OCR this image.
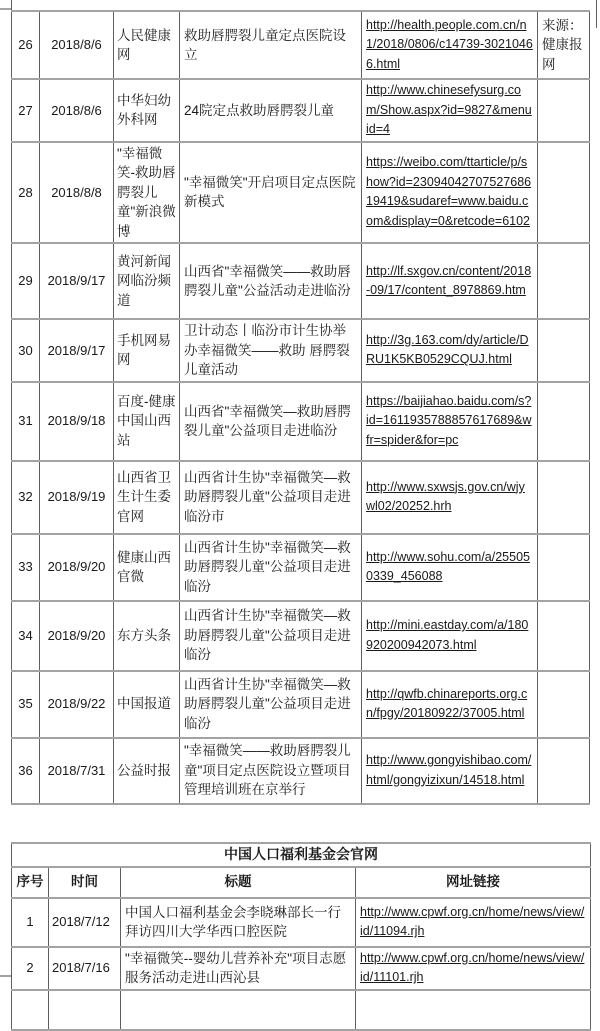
26	2018/8/6	人民健康网	救助唇腭裂儿童定点医院设立	http://health.people.com.cn/n1/2018/0806/c14739-30210466.html	来源：健康报网
27	2018/8/6	中华妇幼外科网	24院定点救助唇腭裂儿童	http://www.chinesefysurg.com/Show.aspx?id=9827&menuid=4	
28	2018/8/8	"幸福微笑-救助唇腭裂儿童"新浪微博	"幸福微笑"开启项目定点医院新模式	https://weibo.com/ttarticle/p/show?id=2309404270752768619419&sudaref=www.baidu.com&display=0&retcode=6102	
29	2018/9/17	黄河新闻网临汾频道	山西省"幸福微笑——救助唇腭裂儿童"公益活动走进临汾	http://lf.sxgov.cn/content/2018-09/17/content_8978869.htm	
30	2018/9/17	手机网易网	卫计动态丨临汾市计生协举办幸福微笑——救助 唇腭裂儿童活动	http://3g.163.com/dy/article/DRU1K5KB0529CQUJ.html	
31	2018/9/18	百度-健康中国山西站	山西省"幸福微笑—救助唇腭裂儿童"公益项目走进临汾	https://baijiahao.baidu.com/s?id=1611935788857617689&wfr=spider&for=pc	
32	2018/9/19	山西省卫生计生委官网	山西省计生协"幸福微笑—救助唇腭裂儿童"公益项目走进临汾市	http://www.sxwsjs.gov.cn/wjywl02/20252.hrh	
33	2018/9/20	健康山西官微	山西省计生协"幸福微笑—救助唇腭裂儿童"公益项目走进临汾	http://www.sohu.com/a/255050339_456088	
34	2018/9/20	东方头条	山西省计生协"幸福微笑—救助唇腭裂儿童"公益项目走进临汾	http://mini.eastday.com/a/180920200942073.html	
35	2018/9/22	中国报道	山西省计生协"幸福微笑—救助唇腭裂儿童"公益项目走进临汾	http://qwfb.chinareports.org.cn/fpgy/20180922/37005.html	
36	2018/7/31	公益时报	"幸福微笑——救助唇腭裂儿童"项目定点医院设立暨项目管理培训班在京举行	http://www.gongyishibao.com/html/gongyizixun/14518.html	
中国人口福利基金会官网			
序号	时间	标题	网址链接
1	2018/7/12	中国人口福利基金会李晓琳部长一行拜访四川大学华西口腔医院	http://www.cpwf.org.cn/home/news/view/id/11094.rjh
2	2018/7/16	"幸福微笑--婴幼儿营养补充"项目志愿服务活动走进山西沁县	http://www.cpwf.org.cn/home/news/view/id/11101.rjh
